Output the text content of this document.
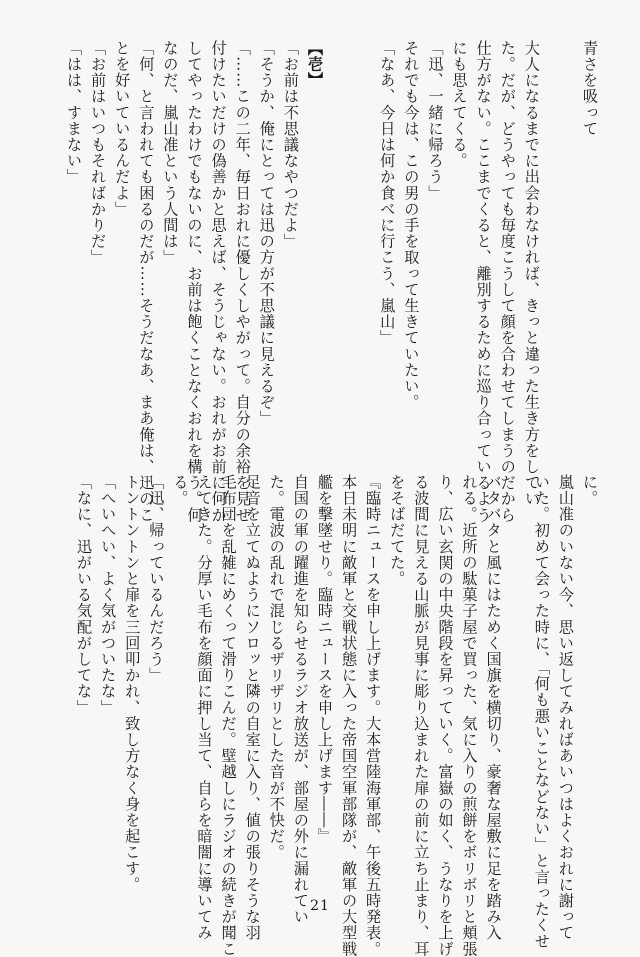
青さを吸って
大人になるまでに出会わなければ、きっと違った生き方をしてい
た。だが、どうやっても毎度こうして顔を合わせてしまうのだから
仕方がない。ここまでくると、離別するために巡り合っているよう
にも思えてくる。
「迅、一緒に帰ろう」
それでも今は、この男の手を取って生きていたい。
「なあ、今日は何か食べに行こう、嵐山」
【壱】
「お前は不思議なやつだよ」
「そうか、俺にとっては迅の方が不思議に見えるぞ」
「……この二年、毎日おれに優しくしやがって。自分の余裕を見せ
付けたいだけの偽善かと思えば、そうじゃない。おれがお前に何か
してやったわけでもないのに、お前は飽くことなくおれを構う。何
なのだ、嵐山准という人間は」
「何、と言われても困るのだが……そうだなあ、まあ俺は、迅のこ
とを好いているんだよ」
「お前はいつもそればかりだ」
「はは、すまない」
に。
嵐山准のいない今、思い返してみればあいつはよくおれに謝って
いた。初めて会った時に、「何も悪いことなどない」と言ったくせ
バタバタと風にはためく国旗を横切り、豪奢な屋敷に足を踏み入
れる。近所の駄菓子屋で買った、気に入りの煎餅をボリボリと頬張
り、広い玄関の中央階段を昇っていく。富嶽の如く、うなりを上げ
る波間に見える山脈が見事に彫り込まれた扉の前に立ち止まり、耳
をそばだてた。
『臨時ニュースを申し上げます。大本営陸海軍部、午後五時発表。
本日未明に敵軍と交戦状態に入った帝国空軍部隊が、敵軍の大型戦
艦を撃墜せり。臨時ニュースを申し上げます――』
自国の軍の躍進を知らせるラジオ放送が、部屋の外に漏れてい
た。電波の乱れで混じるザリザリとした音が不快だ。
足音を立てぬようにソロッと隣の自室に入り、値の張りそうな羽
毛布団を乱雑にめくって滑りこんだ。壁越しにラジオの続きが聞こ
えてきた。分厚い毛布を顔面に押し当て、自らを暗闇に導いてみ
る。
「迅、帰っているんだろう」
トントントンと扉を三回叩かれ、致し方なく身を起こす。
「へいへい、よく気がついたな」
「なに、迅がいる気配がしてな」
21
